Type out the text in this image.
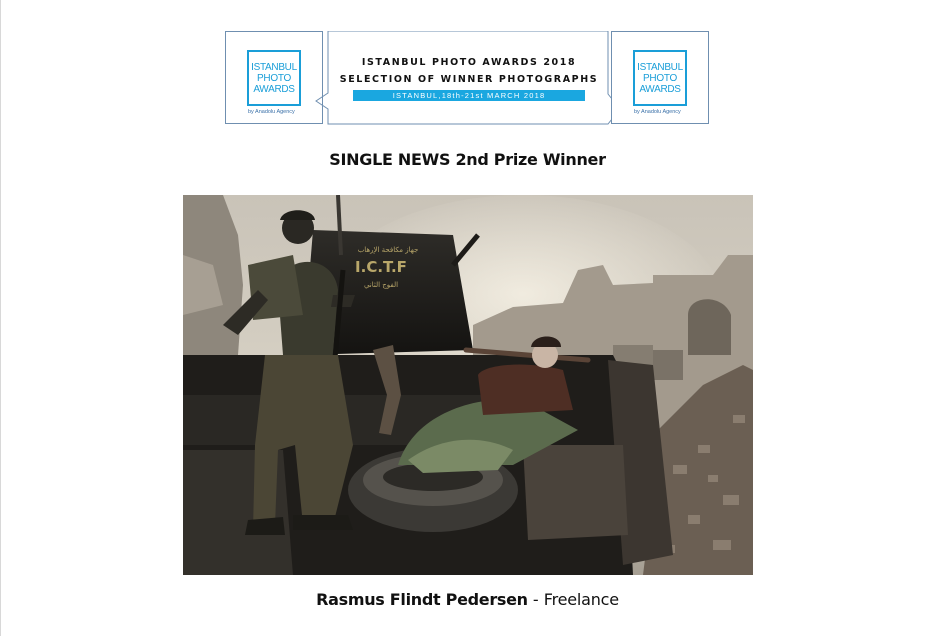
ISTANBUL
PHOTO
AWARDS
by Anadolu Agency
ISTANBUL PHOTO AWARDS 2018
SELECTION OF WINNER PHOTOGRAPHS
ISTANBUL,18th-21st MARCH 2018
ISTANBUL
PHOTO
AWARDS
by Anadolu Agency
SINGLE NEWS 2nd Prize Winner
جهاز مكافحة الإرهاب
I.C.T.F
الفوج الثاني
Rasmus Flindt Pedersen - Freelance
